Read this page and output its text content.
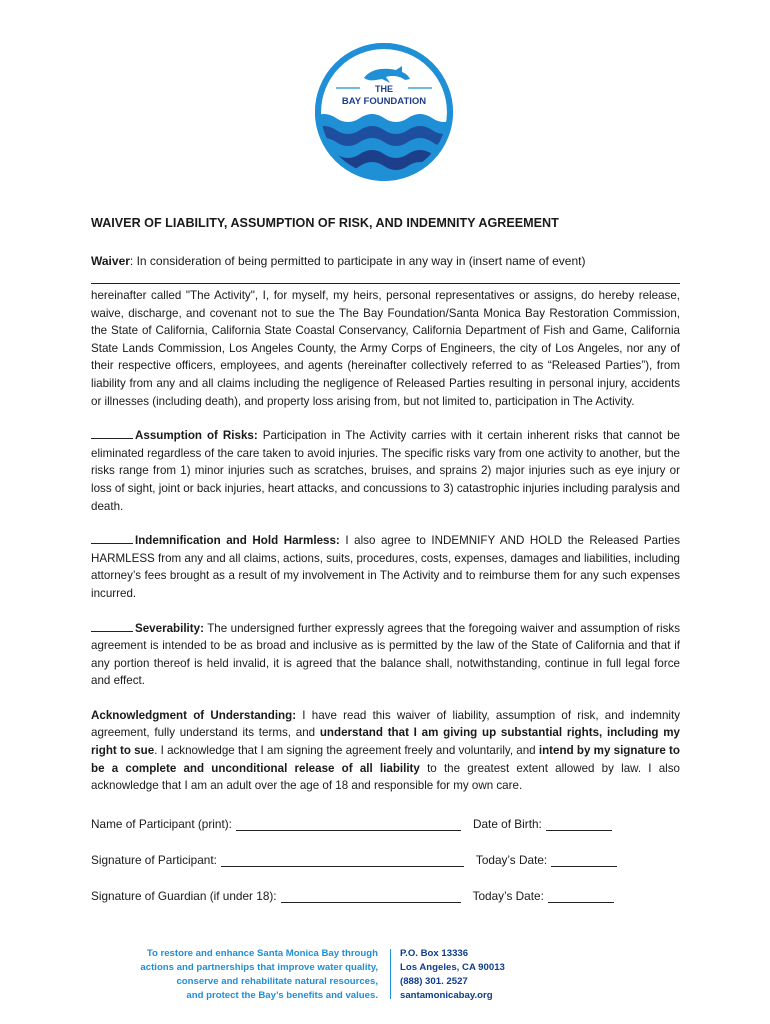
THE
BAY FOUNDATION
WAIVER OF LIABILITY, ASSUMPTION OF RISK, AND INDEMNITY AGREEMENT
Waiver: In consideration of being permitted to participate in any way in (insert name of event)

hereinafter called "The Activity", I, for myself, my heirs, personal representatives or assigns, do hereby release, waive, discharge, and covenant not to sue the The Bay Foundation/Santa Monica Bay Restoration Commission, the State of California, California State Coastal Conservancy, California Department of Fish and Game, California State Lands Commission, Los Angeles County, the Army Corps of Engineers, the city of Los Angeles, nor any of their respective officers, employees, and agents (hereinafter collectively referred to as “Released Parties”), from liability from any and all claims including the negligence of Released Parties resulting in personal injury, accidents or illnesses (including death), and property loss arising from, but not limited to, participation in The Activity.

Assumption of Risks: Participation in The Activity carries with it certain inherent risks that cannot be eliminated regardless of the care taken to avoid injuries. The specific risks vary from one activity to another, but the risks range from 1) minor injuries such as scratches, bruises, and sprains 2) major injuries such as eye injury or loss of sight, joint or back injuries, heart attacks, and concussions to 3) catastrophic injuries including paralysis and death.

Indemnification and Hold Harmless: I also agree to INDEMNIFY AND HOLD the Released Parties HARMLESS from any and all claims, actions, suits, procedures, costs, expenses, damages and liabilities, including attorney’s fees brought as a result of my involvement in The Activity and to reimburse them for any such expenses incurred.

Severability: The undersigned further expressly agrees that the foregoing waiver and assumption of risks agreement is intended to be as broad and inclusive as is permitted by the law of the State of California and that if any portion thereof is held invalid, it is agreed that the balance shall, notwithstanding, continue in full legal force and effect.

Acknowledgment of Understanding: I have read this waiver of liability, assumption of risk, and indemnity agreement, fully understand its terms, and understand that I am giving up substantial rights, including my right to sue. I acknowledge that I am signing the agreement freely and voluntarily, and intend by my signature to be a complete and unconditional release of all liability to the greatest extent allowed by law. I also acknowledge that I am an adult over the age of 18 and responsible for my own care.

Name of Participant (print):	Date of Birth:
Signature of Participant:	Today’s Date:
Signature of Guardian (if under 18):	Today’s Date:
To restore and enhance Santa Monica Bay through
actions and partnerships that improve water quality,
conserve and rehabilitate natural resources,
and protect the Bay’s benefits and values.
P.O. Box 13336
Los Angeles, CA 90013
(888) 301. 2527
santamonicabay.org
